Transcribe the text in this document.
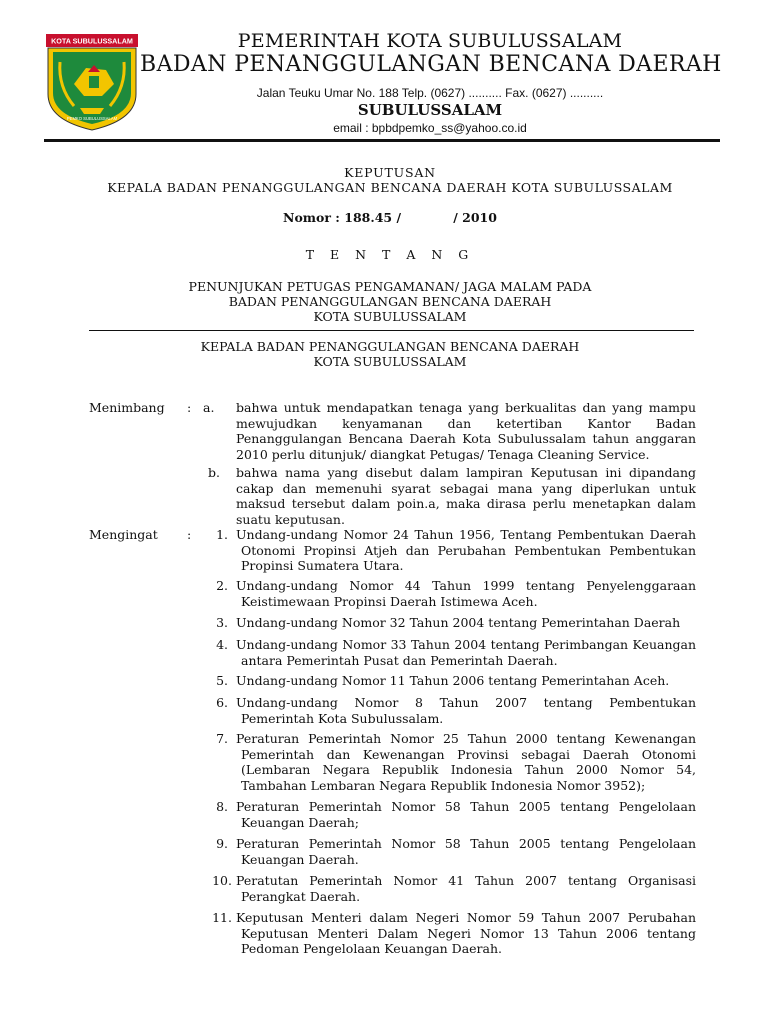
KOTA SUBULUSSALAM
PEMKO SUBULUSSALAM
PEMERINTAH KOTA SUBULUSSALAM
BADAN PENANGGULANGAN BENCANA DAERAH
Jalan Teuku Umar No. 188 Telp. (0627) .......... Fax. (0627) ..........
SUBULUSSALAM
email : bpbdpemko_ss@yahoo.co.id
KEPUTUSAN
KEPALA BADAN PENANGGULANGAN BENCANA DAERAH KOTA SUBULUSSALAM
Nomor : 188.45 /            / 2010
T E N T A N G
PENUNJUKAN PETUGAS PENGAMANAN/ JAGA MALAM PADA
BADAN PENANGGULANGAN BENCANA DAERAH
KOTA SUBULUSSALAM
KEPALA BADAN PENANGGULANGAN BENCANA DAERAH
KOTA SUBULUSSALAM
Menimbang : a. bahwa untuk mendapatkan tenaga yang berkualitas dan yang mampu mewujudkan kenyamanan dan ketertiban Kantor Badan Penanggulangan Bencana Daerah Kota Subulussalam tahun anggaran 2010 perlu ditunjuk/ diangkat Petugas/ Tenaga Cleaning Service.

b. bahwa nama yang disebut dalam lampiran Keputusan ini dipandang cakap dan memenuhi syarat sebagai mana yang diperlukan untuk maksud tersebut dalam poin.a, maka dirasa perlu menetapkan dalam suatu keputusan.

Mengingat :	1. Undang-undang Nomor 24 Tahun 1956, Tentang Pembentukan Daerah Otonomi Propinsi Atjeh dan Perubahan Pembentukan Pembentukan Propinsi Sumatera Utara.

2. Undang-undang Nomor 44 Tahun 1999 tentang Penyelenggaraan Keistimewaan Propinsi Daerah Istimewa Aceh.

3. Undang-undang Nomor 32 Tahun 2004 tentang Pemerintahan Daerah

4. Undang-undang Nomor 33 Tahun 2004 tentang Perimbangan Keuangan antara Pemerintah Pusat dan Pemerintah Daerah.

5. Undang-undang Nomor 11 Tahun 2006 tentang Pemerintahan Aceh.

6. Undang-undang Nomor 8 Tahun 2007 tentang Pembentukan Pemerintah Kota Subulussalam.

7. Peraturan Pemerintah Nomor 25 Tahun 2000 tentang Kewenangan Pemerintah dan Kewenangan Provinsi sebagai Daerah Otonomi (Lembaran Negara Republik Indonesia Tahun 2000 Nomor 54, Tambahan Lembaran Negara Republik Indonesia Nomor 3952);

8. Peraturan Pemerintah Nomor 58 Tahun 2005 tentang Pengelolaan Keuangan Daerah;

9. Peraturan Pemerintah Nomor 58 Tahun 2005 tentang Pengelolaan Keuangan Daerah.

10. Peratutan Pemerintah Nomor 41 Tahun 2007 tentang Organisasi Perangkat Daerah.

11. Keputusan Menteri dalam Negeri Nomor 59 Tahun 2007 Perubahan Keputusan Menteri Dalam Negeri Nomor 13 Tahun 2006 tentang Pedoman Pengelolaan Keuangan Daerah.
